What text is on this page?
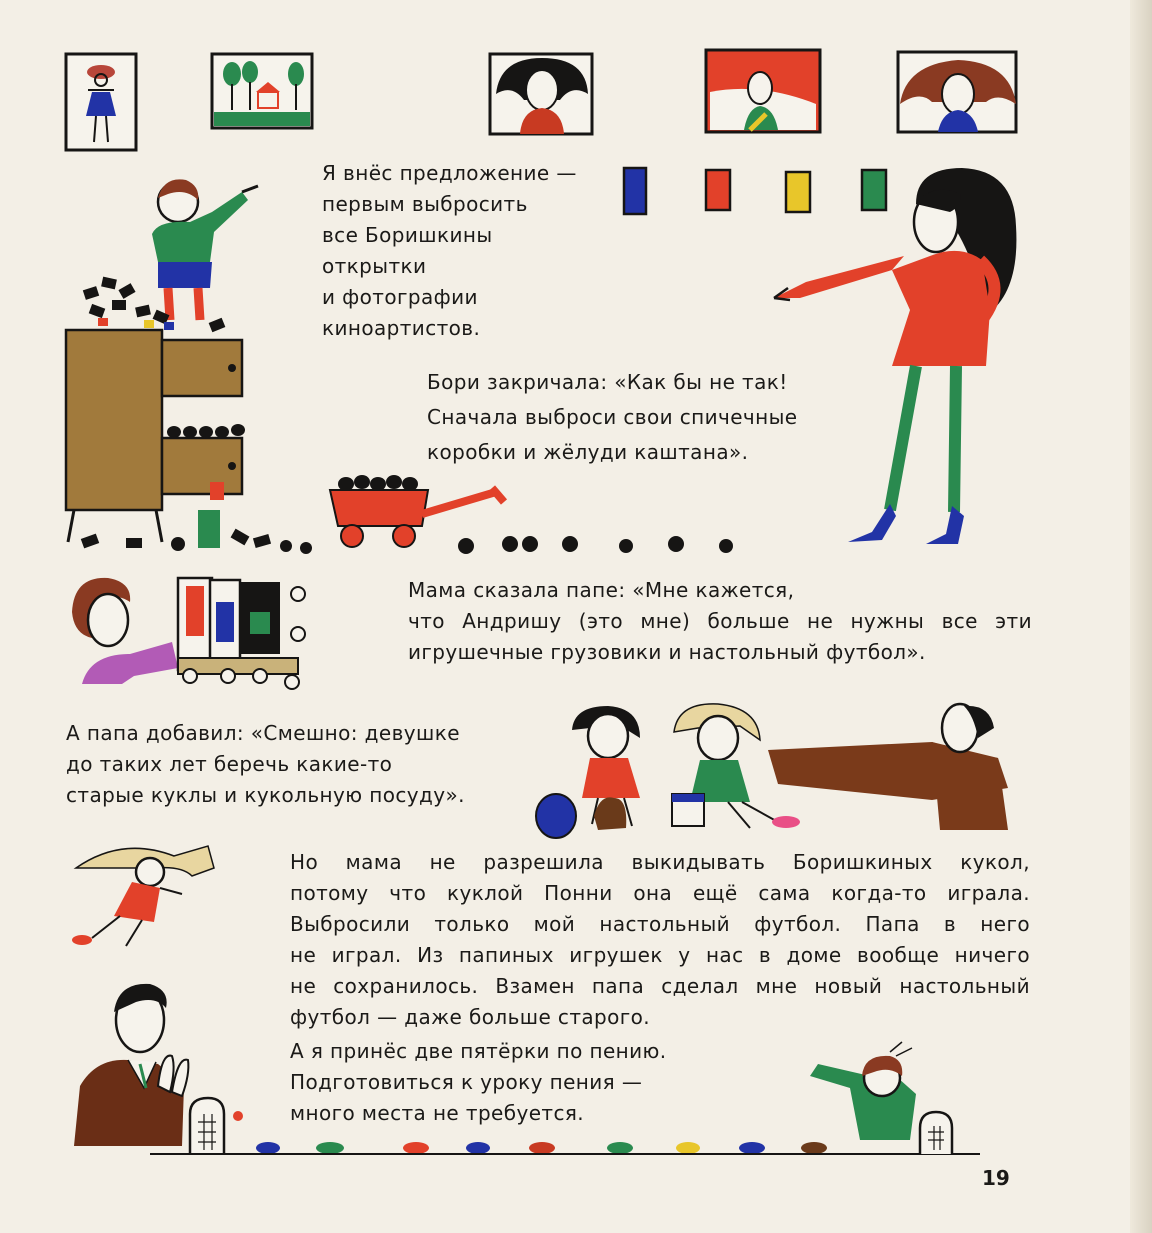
Я внёс предложение —
первым выбросить
все Боришкины
открытки
и фотографии
киноартистов.

Бори закричала: «Как бы не так!
Сначала выброси свои спичечные
коробки и жёлуди каштана».

Мама сказала папе: «Мне кажется,
что Андришу (это мне) больше не нужны все эти
игрушечные грузовики и настольный футбол».

А папа добавил: «Смешно: девушке
до таких лет беречь какие-то
старые куклы и кукольную посуду».

Но мама не разрешила выкидывать Боришкиных кукол,
потому что куклой Понни она ещё сама когда-то играла.
Выбросили только мой настольный футбол. Папа в него
не играл. Из папиных игрушек у нас в доме вообще ничего
не сохранилось. Взамен папа сделал мне новый настольный
футбол — даже больше старого.

А я принёс две пятёрки по пению.
Подготовиться к уроку пения —
много места не требуется.

19
